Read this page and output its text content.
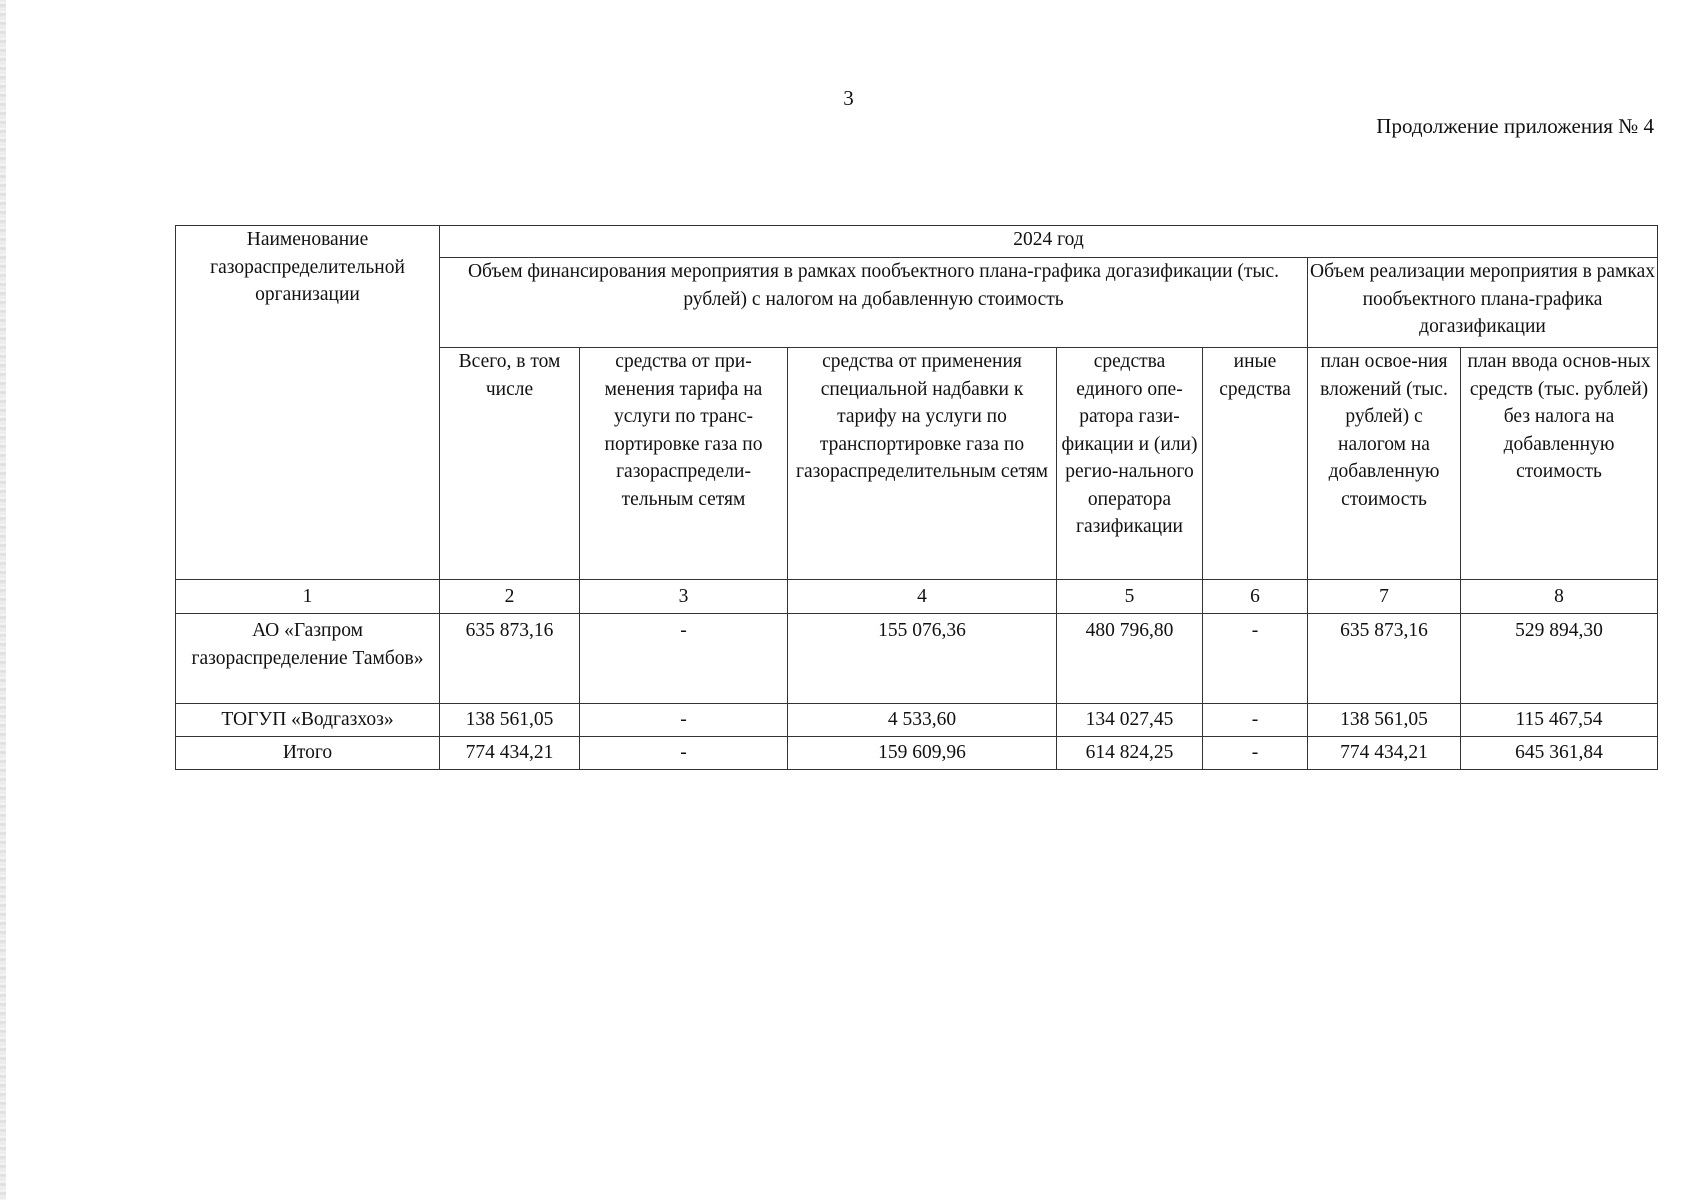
3
Продолжение приложения № 4
Наименование газораспределительной организации	2024 год						
	Объем финансирования мероприятия в рамках пообъектного плана-графика догазификации (тыс. рублей) с налогом на добавленную стоимость					Объем реализации мероприятия в рамках пообъектного плана-графика догазификации	
	Всего, в том числе	средства от при-менения тарифа на услуги по транс-портировке газа по газораспредели-тельным сетям	средства от применения специальной надбавки к тарифу на услуги по транспортировке газа по газораспределительным сетям	средства единого опе-ратора гази-фикации и (или) регио-нального оператора газификации	иные средства	план освое-ния вложений (тыс. рублей) с налогом на добавленную стоимость	план ввода основ-ных средств (тыс. рублей) без налога на добавленную стоимость
1	2	3	4	5	6	7	8
АО «Газпром газораспределение Тамбов»	635 873,16	-	155 076,36	480 796,80	-	635 873,16	529 894,30
ТОГУП «Водгазхоз»	138 561,05	-	4 533,60	134 027,45	-	138 561,05	115 467,54
Итого	774 434,21	-	159 609,96	614 824,25	-	774 434,21	645 361,84
